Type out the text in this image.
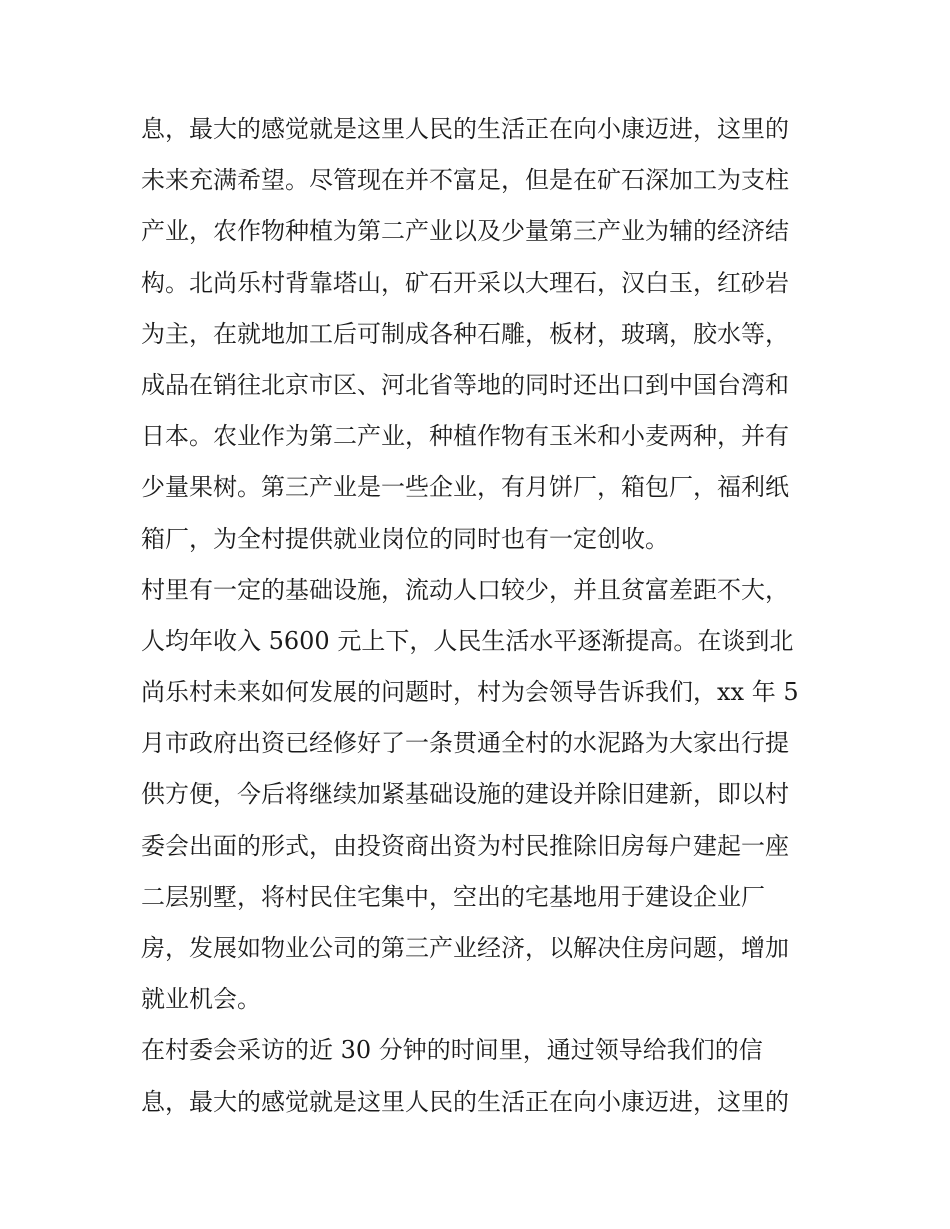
息，最大的感觉就是这里人民的生活正在向小康迈进，这里的
未来充满希望。尽管现在并不富足，但是在矿石深加工为支柱
产业，农作物种植为第二产业以及少量第三产业为辅的经济结
构。北尚乐村背靠塔山，矿石开采以大理石，汉白玉，红砂岩
为主，在就地加工后可制成各种石雕，板材，玻璃，胶水等，
成品在销往北京市区、河北省等地的同时还出口到中国台湾和
日本。农业作为第二产业，种植作物有玉米和小麦两种，并有
少量果树。第三产业是一些企业，有月饼厂，箱包厂，福利纸
箱厂，为全村提供就业岗位的同时也有一定创收。
村里有一定的基础设施，流动人口较少，并且贫富差距不大，
人均年收入 5600 元上下，人民生活水平逐渐提高。在谈到北
尚乐村未来如何发展的问题时，村为会领导告诉我们，xx 年 5
月市政府出资已经修好了一条贯通全村的水泥路为大家出行提
供方便，今后将继续加紧基础设施的建设并除旧建新，即以村
委会出面的形式，由投资商出资为村民推除旧房每户建起一座
二层别墅，将村民住宅集中，空出的宅基地用于建设企业厂
房，发展如物业公司的第三产业经济，以解决住房问题，增加
就业机会。
在村委会采访的近 30 分钟的时间里，通过领导给我们的信
息，最大的感觉就是这里人民的生活正在向小康迈进，这里的
